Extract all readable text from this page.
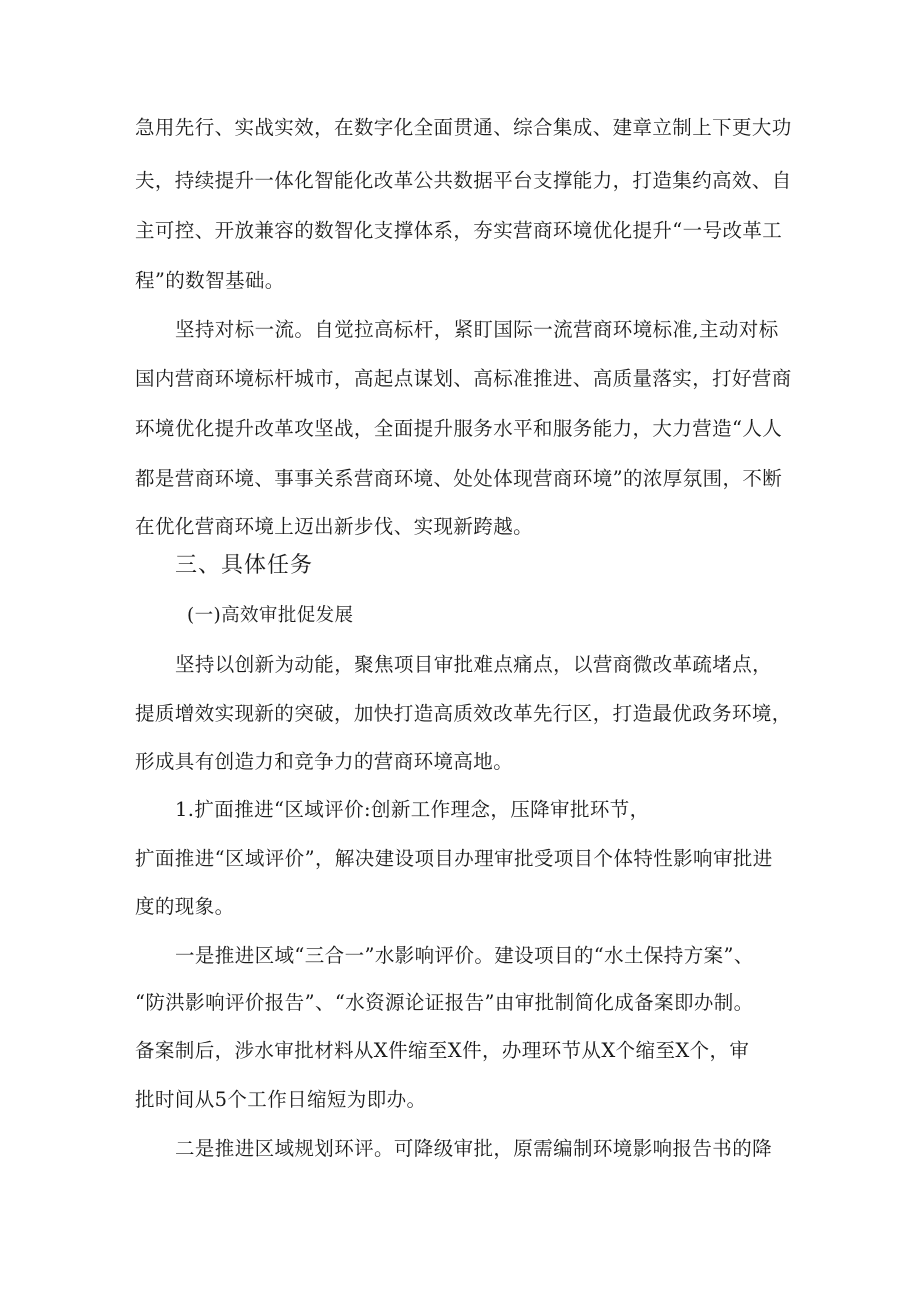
急用先行、实战实效，在数字化全面贯通、综合集成、建章立制上下更大功
夫，持续提升一体化智能化改革公共数据平台支撑能力，打造集约高效、自
主可控、开放兼容的数智化支撑体系，夯实营商环境优化提升“一号改革工
程”的数智基础。
坚持对标一流。自觉拉高标杆，紧盯国际一流营商环境标准,主动对标
国内营商环境标杆城市，高起点谋划、高标准推进、高质量落实，打好营商
环境优化提升改革攻坚战，全面提升服务水平和服务能力，大力营造“人人
都是营商环境、事事关系营商环境、处处体现营商环境”的浓厚氛围，不断
在优化营商环境上迈出新步伐、实现新跨越。
三、具体任务
(一)高效审批促发展
坚持以创新为动能，聚焦项目审批难点痛点，以营商微改革疏堵点，
提质增效实现新的突破，加快打造高质效改革先行区，打造最优政务环境，
形成具有创造力和竞争力的营商环境高地。
1.扩面推进“区域评价:创新工作理念，压降审批环节，
扩面推进“区域评价”，解决建设项目办理审批受项目个体特性影响审批进
度的现象。
一是推进区域“三合一”水影响评价。建设项目的“水土保持方案”、
“防洪影响评价报告”、“水资源论证报告”由审批制简化成备案即办制。
备案制后，涉水审批材料从X件缩至X件，办理环节从X个缩至X个，审
批时间从5个工作日缩短为即办。
二是推进区域规划环评。可降级审批，原需编制环境影响报告书的降
